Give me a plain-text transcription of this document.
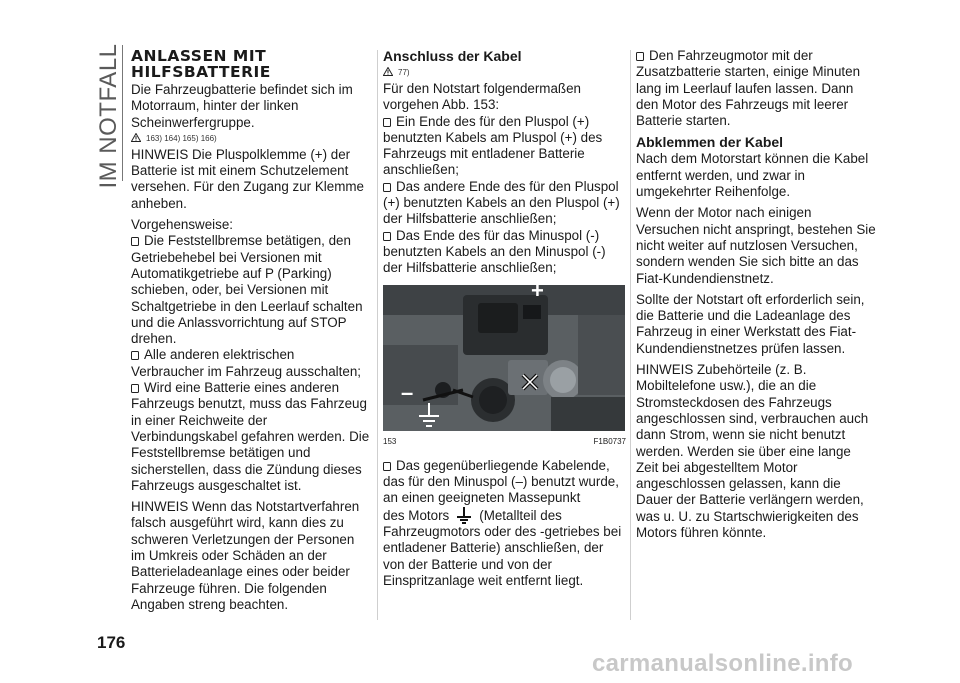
IM NOTFALL ANLASSEN MIT HILFSBATTERIE

Die Fahrzeugbatterie befindet sich im Motorraum, hinter der linken Scheinwerfergruppe.

163) 164) 165) 166)

HINWEIS Die Pluspolklemme (+) der Batterie ist mit einem Schutzelement versehen. Für den Zugang zur Klemme anheben.

Vorgehensweise:

Die Feststellbremse betätigen, den Getriebehebel bei Versionen mit Automatikgetriebe auf P (Parking) schieben, oder, bei Versionen mit Schaltgetriebe in den Leerlauf schalten und die Anlassvorrichtung auf STOP drehen.

Alle anderen elektrischen Verbraucher im Fahrzeug ausschalten;

Wird eine Batterie eines anderen Fahrzeugs benutzt, muss das Fahrzeug in einer Reichweite der Verbindungskabel gefahren werden. Die Feststellbremse betätigen und sicherstellen, dass die Zündung dieses Fahrzeugs ausgeschaltet ist.

HINWEIS Wenn das Notstartverfahren falsch ausgeführt wird, kann dies zu schweren Verletzungen der Personen im Umkreis oder Schäden an der Batterieladeanlage eines oder beider Fahrzeuge führen. Die folgenden Angaben streng beachten.

Anschluss der Kabel
77)

Für den Notstart folgendermaßen vorgehen Abb. 153:

Ein Ende des für den Pluspol (+) benutzten Kabels am Pluspol (+) des Fahrzeugs mit entladener Batterie anschließen;

Das andere Ende des für den Pluspol (+) benutzten Kabels an den Pluspol (+) der Hilfsbatterie anschließen;

Das Ende des für das Minuspol (-) benutzten Kabels an den Minuspol (-) der Hilfsbatterie anschließen;

+
–
153	F1B0737

Das gegenüberliegende Kabelende, das für den Minuspol (–) benutzt wurde, an einen geeigneten Massepunkt
des Motors (Metallteil des Fahrzeugmotors oder des -getriebes bei entladener Batterie) anschließen, der von der Batterie und von der Einspritzanlage weit entfernt liegt.

Den Fahrzeugmotor mit der Zusatzbatterie starten, einige Minuten lang im Leerlauf laufen lassen. Dann den Motor des Fahrzeugs mit leerer Batterie starten.

Abklemmen der Kabel

Nach dem Motorstart können die Kabel entfernt werden, und zwar in umgekehrter Reihenfolge.

Wenn der Motor nach einigen Versuchen nicht anspringt, bestehen Sie nicht weiter auf nutzlosen Versuchen, sondern wenden Sie sich bitte an das Fiat-Kundendienstnetz.

Sollte der Notstart oft erforderlich sein, die Batterie und die Ladeanlage des Fahrzeug in einer Werkstatt des Fiat-Kundendienstnetzes prüfen lassen.

HINWEIS Zubehörteile (z. B. Mobiltelefone usw.), die an die Stromsteckdosen des Fahrzeugs angeschlossen sind, verbrauchen auch dann Strom, wenn sie nicht benutzt werden. Werden sie über eine lange Zeit bei abgestelltem Motor angeschlossen gelassen, kann die Dauer der Batterie verlängern werden, was u. U. zu Startschwierigkeiten des Motors führen könnte.

176
carmanualsonline.info
